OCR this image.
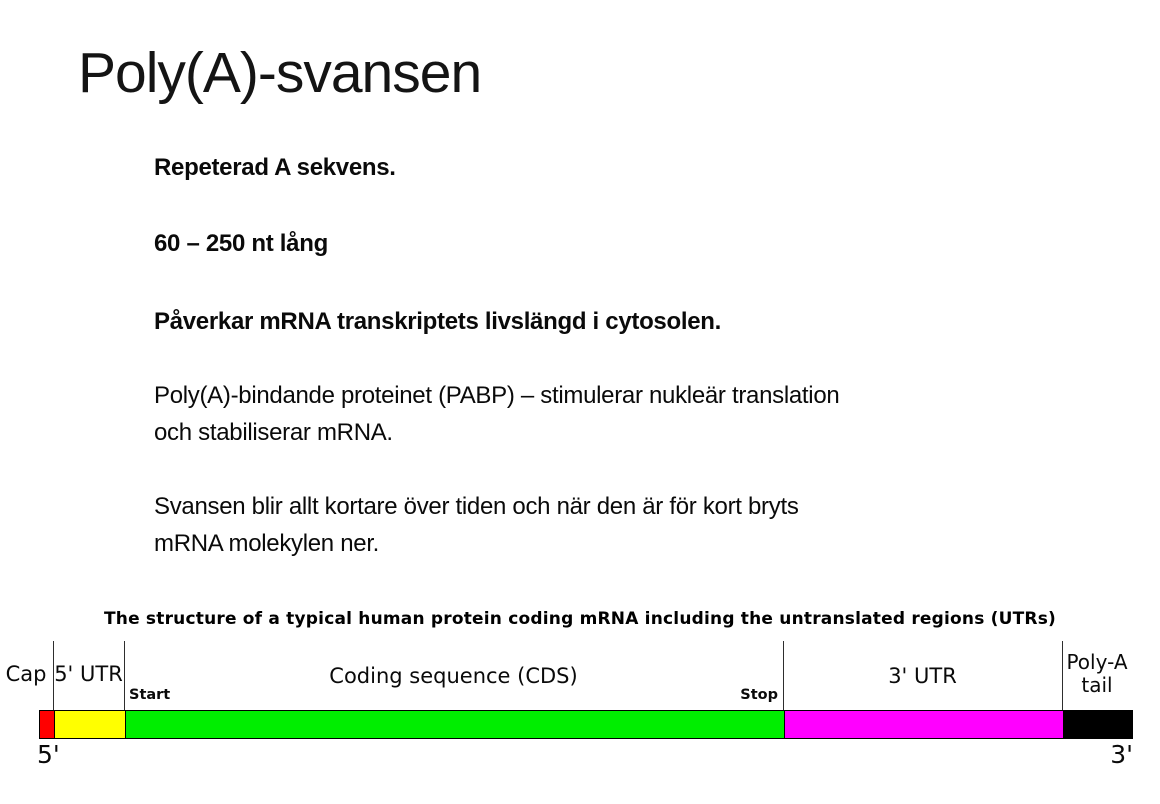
Poly(A)-svansen
Repeterad A sekvens.
60 – 250 nt lång
Påverkar mRNA transkriptets livslängd i cytosolen.
Poly(A)-bindande proteinet (PABP) – stimulerar nukleär translation
och stabiliserar mRNA.
Svansen blir allt kortare över tiden och när den är för kort bryts
mRNA molekylen ner.
The structure of a typical human protein coding mRNA including the untranslated regions (UTRs)
Cap 5' UTR	Coding sequence (CDS)	3' UTR
Poly-A
tail
Start	Stop
5'	3'
